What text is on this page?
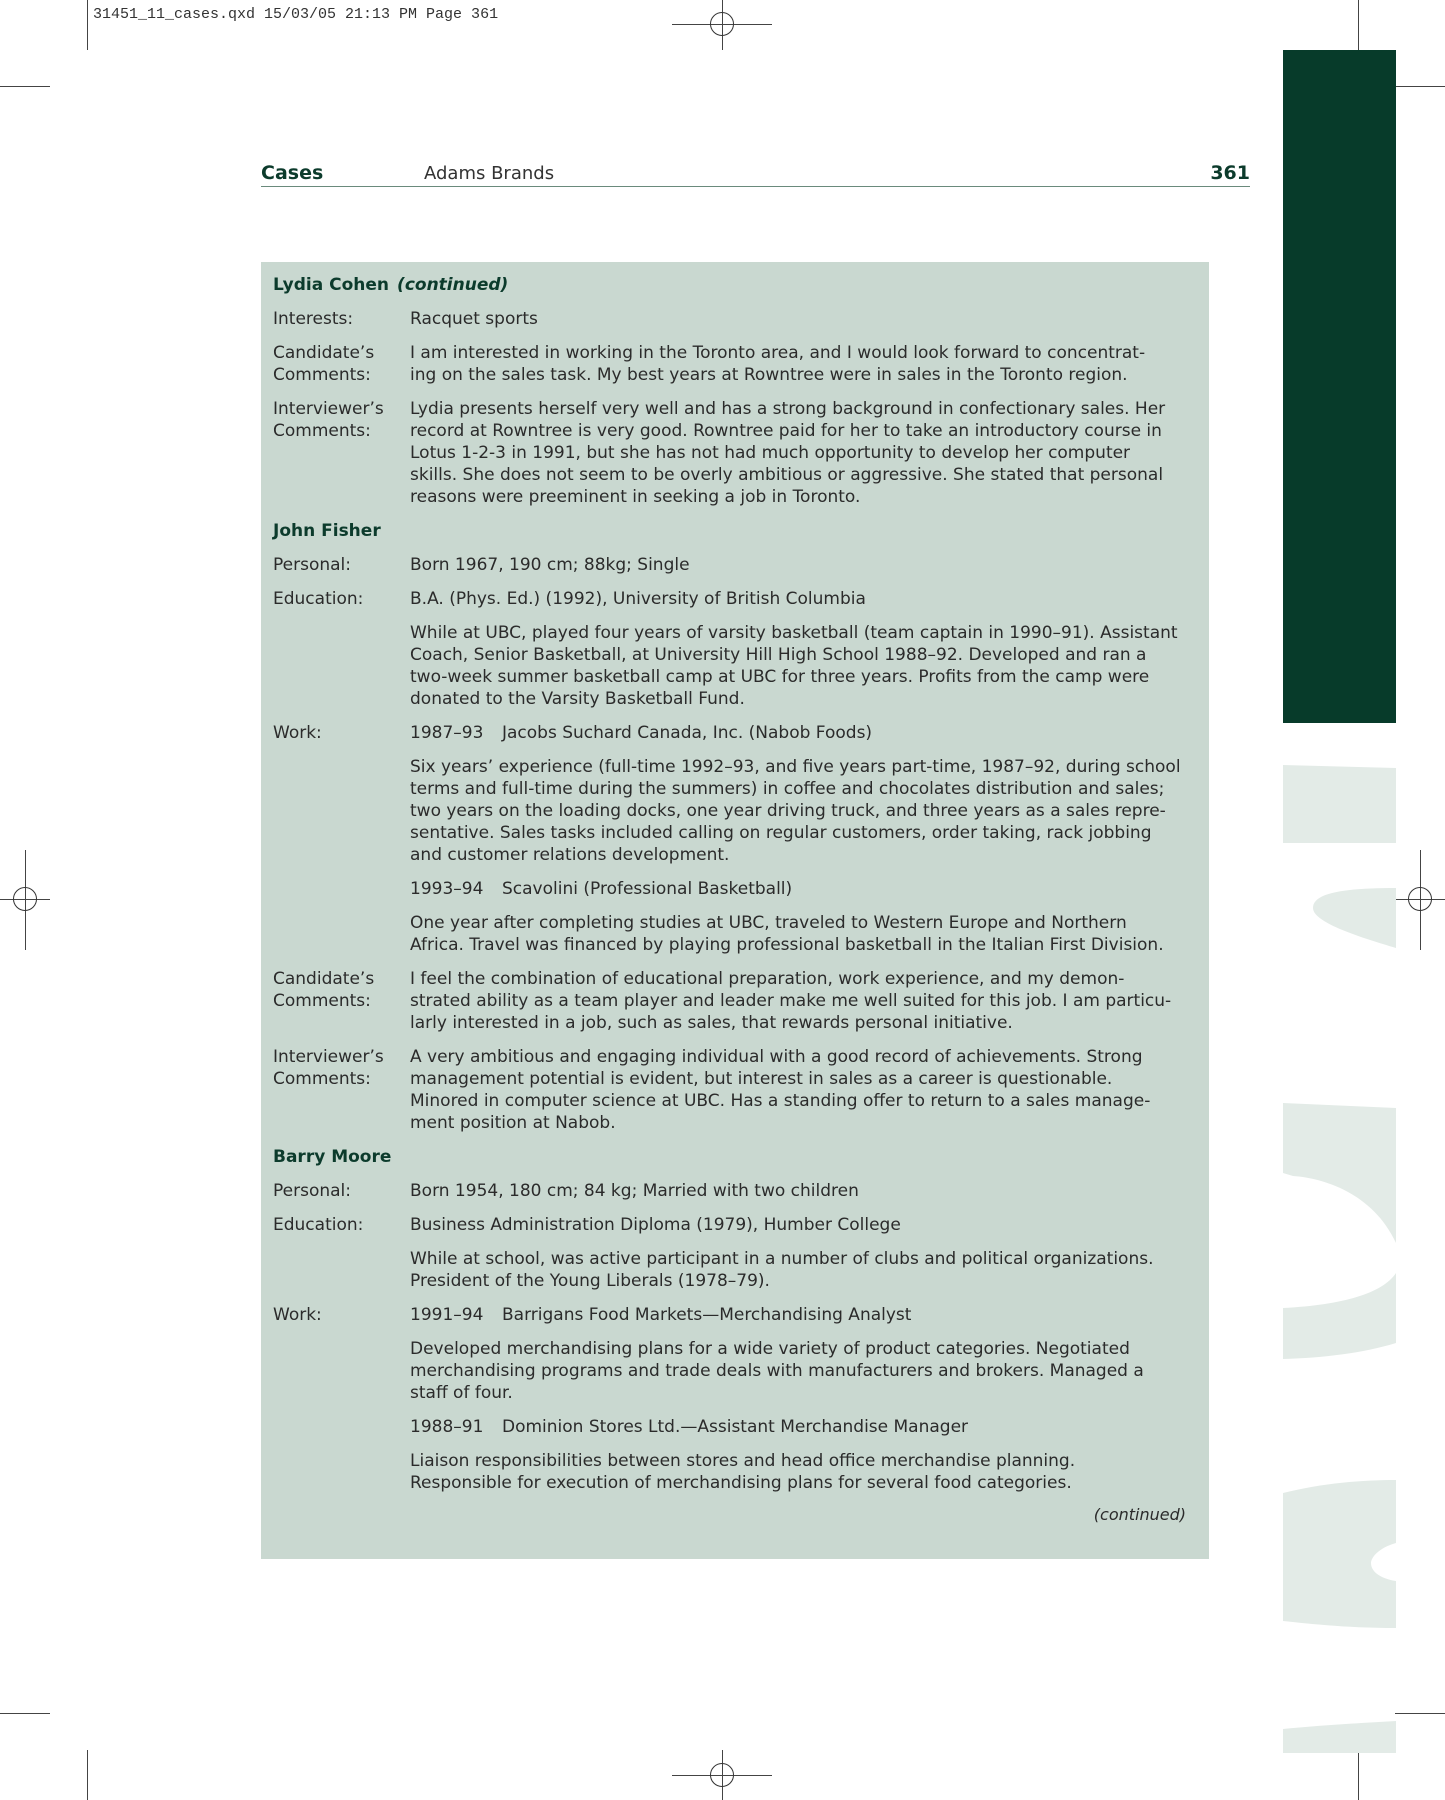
31451_11_cases.qxd 15/03/05 21:13 PM Page 361
Cases	Adams Brands	361
Lydia Cohen (continued)
Interests:	Racquet sports
Candidate’s
Comments:
I am interested in working in the Toronto area, and I would look forward to concentrat-
ing on the sales task. My best years at Rowntree were in sales in the Toronto region.
Interviewer’s
Comments:
Lydia presents herself very well and has a strong background in confectionary sales. Her
record at Rowntree is very good. Rowntree paid for her to take an introductory course in
Lotus 1-2-3 in 1991, but she has not had much opportunity to develop her computer
skills. She does not seem to be overly ambitious or aggressive. She stated that personal
reasons were preeminent in seeking a job in Toronto.
John Fisher
Personal:	Born 1967, 190 cm; 88kg; Single
Education:	B.A. (Phys. Ed.) (1992), University of British Columbia
While at UBC, played four years of varsity basketball (team captain in 1990–91). Assistant
Coach, Senior Basketball, at University Hill High School 1988–92. Developed and ran a
two-week summer basketball camp at UBC for three years. Profits from the camp were
donated to the Varsity Basketball Fund.
Work:	1987–93 Jacobs Suchard Canada, Inc. (Nabob Foods)
Six years’ experience (full-time 1992–93, and five years part-time, 1987–92, during school
terms and full-time during the summers) in coffee and chocolates distribution and sales;
two years on the loading docks, one year driving truck, and three years as a sales repre-
sentative. Sales tasks included calling on regular customers, order taking, rack jobbing
and customer relations development.
1993–94 Scavolini (Professional Basketball)
One year after completing studies at UBC, traveled to Western Europe and Northern
Africa. Travel was financed by playing professional basketball in the Italian First Division.
Candidate’s
Comments:
I feel the combination of educational preparation, work experience, and my demon-
strated ability as a team player and leader make me well suited for this job. I am particu-
larly interested in a job, such as sales, that rewards personal initiative.
Interviewer’s
Comments:
A very ambitious and engaging individual with a good record of achievements. Strong
management potential is evident, but interest in sales as a career is questionable.
Minored in computer science at UBC. Has a standing offer to return to a sales manage-
ment position at Nabob.
Barry Moore
Personal:	Born 1954, 180 cm; 84 kg; Married with two children
Education:	Business Administration Diploma (1979), Humber College
While at school, was active participant in a number of clubs and political organizations.
President of the Young Liberals (1978–79).
Work:	1991–94 Barrigans Food Markets—Merchandising Analyst
Developed merchandising plans for a wide variety of product categories. Negotiated
merchandising programs and trade deals with manufacturers and brokers. Managed a
staff of four.
1988–91 Dominion Stores Ltd.—Assistant Merchandise Manager
Liaison responsibilities between stores and head office merchandise planning.
Responsible for execution of merchandising plans for several food categories.
(continued)
